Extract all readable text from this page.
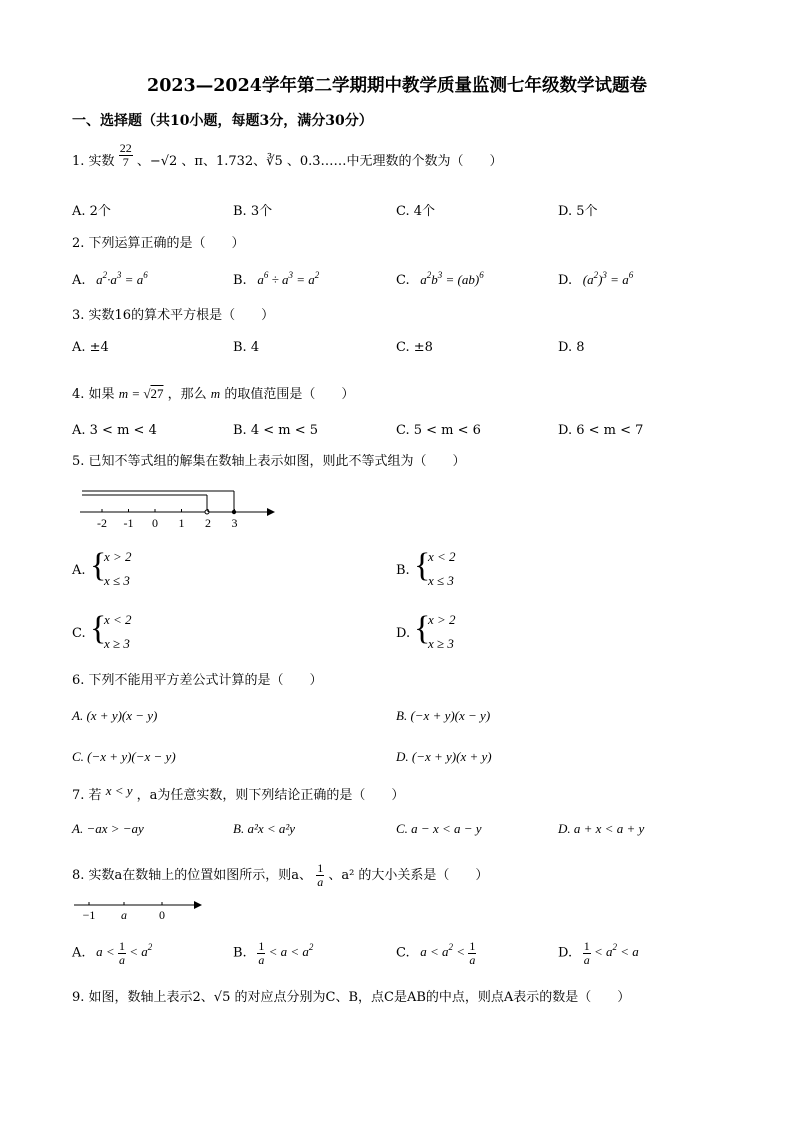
2023—2024学年第二学期期中教学质量监测七年级数学试题卷
一、选择题（共10小题，每题3分，满分30分）
1. 实数 $\frac{22}{7}$ 、−√2 、π、1.732、∛5 、0.3̇……中无理数的个数为（　　）
A. 2个	B. 3个	C. 4个	D. 5个
2. 下列运算正确的是（　　）
A.   $a^2\cdot a^3 = a^6$	B.   $a^6 \div a^3 = a^2$	C.   $a^2b^3 = (ab)^6$	D.   $(a^2)^3 = a^6$
3. 实数16的算术平方根是（　　）
A. ±4	B. 4	C. ±8	D. 8
4. 如果 m = √27 ，那么 m 的取值范围是（　　）
A. 3 < m < 4	B. 4 < m < 5	C. 5 < m < 6	D. 6 < m < 7
5. 已知不等式组的解集在数轴上表示如图，则此不等式组为（　　）
-2 -1 0 1 2 3
A. {
x > 2
x ≤ 3
B. {
x < 2
x ≤ 3
C. {
x < 2
x ≥ 3
D. {
x > 2
x ≥ 3
6. 下列不能用平方差公式计算的是（　　）
A. (x + y)(x − y)	B. (−x + y)(x − y)
C. (−x + y)(−x − y)	D. (−x + y)(x + y)
7. 若 x < y ，a为任意实数，则下列结论正确的是（　　）
A. −ax > −ay	B. a²x < a²y	C. a − x < a − y	D. a + x < a + y
8. 实数a在数轴上的位置如图所示，则a、 $\frac{1}{a}$ 、a² 的大小关系是（　　）
−1 a	0
A.   $a < \frac{1}{a} < a^2$	B. $\frac{1}{a} < a < a^2$	C.   $a < a^2 < \frac{1}{a}$	D. $\frac{1}{a} < a^2 < a$
9. 如图，数轴上表示2、√5 的对应点分别为C、B，点C是AB的中点，则点A表示的数是（　　）
